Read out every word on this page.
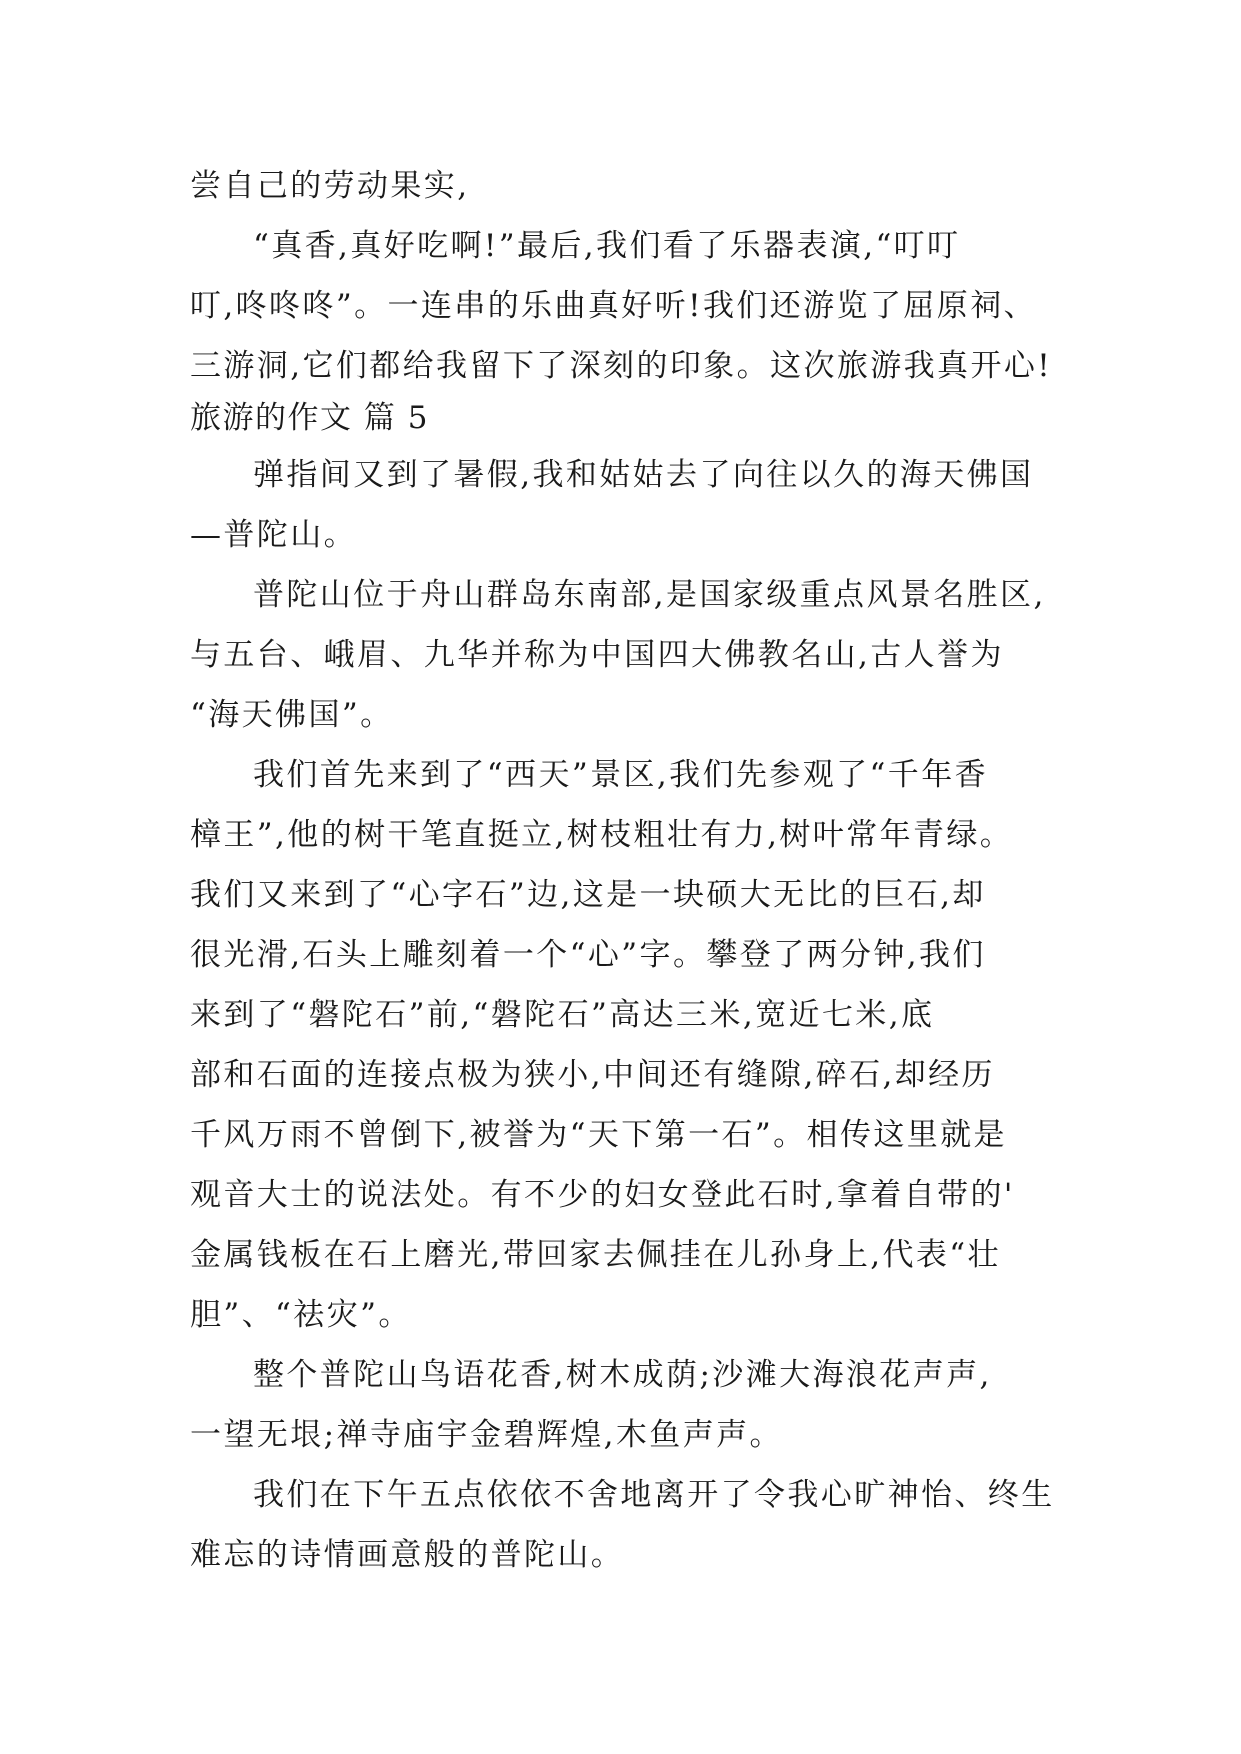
尝自己的劳动果实,

“真香,真好吃啊!”最后,我们看了乐器表演,“叮叮

叮,咚咚咚”。一连串的乐曲真好听!我们还游览了屈原祠、

三游洞,它们都给我留下了深刻的印象。这次旅游我真开心!

旅游的作文 篇 5

弹指间又到了暑假,我和姑姑去了向往以久的海天佛国

—普陀山。

普陀山位于舟山群岛东南部,是国家级重点风景名胜区,

与五台、峨眉、九华并称为中国四大佛教名山,古人誉为

“海天佛国”。

我们首先来到了“西天”景区,我们先参观了“千年香

樟王”,他的树干笔直挺立,树枝粗壮有力,树叶常年青绿。

我们又来到了“心字石”边,这是一块硕大无比的巨石,却

很光滑,石头上雕刻着一个“心”字。攀登了两分钟,我们

来到了“磐陀石”前,“磐陀石”高达三米,宽近七米,底

部和石面的连接点极为狭小,中间还有缝隙,碎石,却经历

千风万雨不曾倒下,被誉为“天下第一石”。相传这里就是

观音大士的说法处。有不少的妇女登此石时,拿着自带的'

金属钱板在石上磨光,带回家去佩挂在儿孙身上,代表“壮

胆”、“祛灾”。

整个普陀山鸟语花香,树木成荫;沙滩大海浪花声声,

一望无垠;禅寺庙宇金碧辉煌,木鱼声声。

我们在下午五点依依不舍地离开了令我心旷神怡、终生

难忘的诗情画意般的普陀山。
